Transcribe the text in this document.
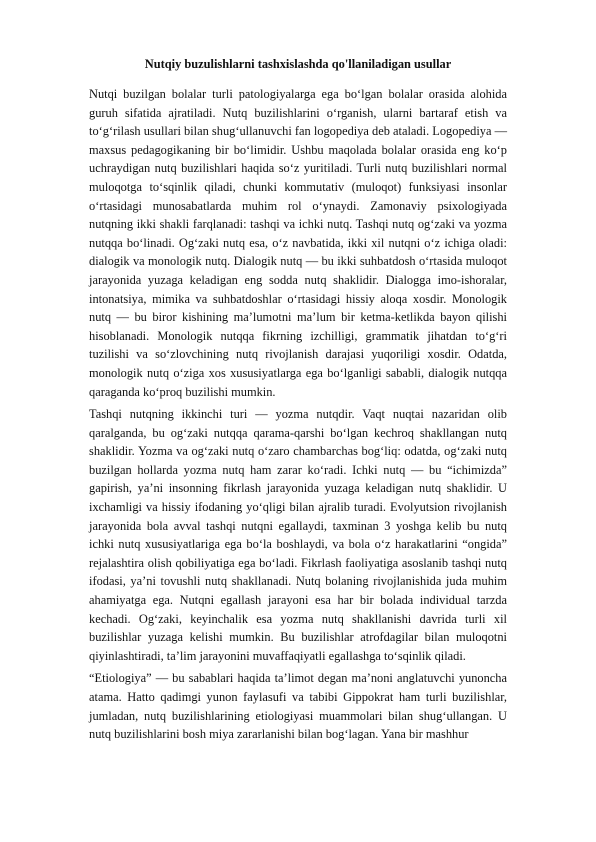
Nutqiy buzulishlarni tashxislashda qo'llaniladigan usullar

Nutqi buzilgan bolalar turli patologiyalarga ega bo‘lgan bolalar orasida alohida guruh sifatida ajratiladi. Nutq buzilishlarini o‘rganish, ularni bartaraf etish va to‘g‘rilash usullari bilan shug‘ullanuvchi fan logopediya deb ataladi. Logopediya — maxsus pedagogikaning bir bo‘limidir. Ushbu maqolada bolalar orasida eng ko‘p uchraydigan nutq buzilishlari haqida so‘z yuritiladi. Turli nutq buzilishlari normal muloqotga to‘sqinlik qiladi, chunki kommutativ (muloqot) funksiyasi insonlar o‘rtasidagi munosabatlarda muhim rol o‘ynaydi. Zamonaviy psixologiyada nutqning ikki shakli farqlanadi: tashqi va ichki nutq. Tashqi nutq og‘zaki va yozma nutqqa bo‘linadi. Og‘zaki nutq esa, o‘z navbatida, ikki xil nutqni o‘z ichiga oladi: dialogik va monologik nutq. Dialogik nutq — bu ikki suhbatdosh o‘rtasida muloqot jarayonida yuzaga keladigan eng sodda nutq shaklidir. Dialogga imo-ishoralar, intonatsiya, mimika va suhbatdoshlar o‘rtasidagi hissiy aloqa xosdir. Monologik nutq — bu biror kishining ma’lumotni ma’lum bir ketma-ketlikda bayon qilishi hisoblanadi. Monologik nutqqa fikrning izchilligi, grammatik jihatdan to‘g‘ri tuzilishi va so‘zlovchining nutq rivojlanish darajasi yuqoriligi xosdir. Odatda, monologik nutq o‘ziga xos xususiyatlarga ega bo‘lganligi sababli, dialogik nutqqa qaraganda ko‘proq buzilishi mumkin.

Tashqi nutqning ikkinchi turi — yozma nutqdir. Vaqt nuqtai nazaridan olib qaralganda, bu og‘zaki nutqqa qarama-qarshi bo‘lgan kechroq shakllangan nutq shaklidir. Yozma va og‘zaki nutq o‘zaro chambarchas bog‘liq: odatda, og‘zaki nutq buzilgan hollarda yozma nutq ham zarar ko‘radi. Ichki nutq — bu “ichimizda” gapirish, ya’ni insonning fikrlash jarayonida yuzaga keladigan nutq shaklidir. U ixchamligi va hissiy ifodaning yo‘qligi bilan ajralib turadi. Evolyutsion rivojlanish jarayonida bola avval tashqi nutqni egallaydi, taxminan 3 yoshga kelib bu nutq ichki nutq xususiyatlariga ega bo‘la boshlaydi, va bola o‘z harakatlarini “ongida” rejalashtira olish qobiliyatiga ega bo‘ladi. Fikrlash faoliyatiga asoslanib tashqi nutq ifodasi, ya’ni tovushli nutq shakllanadi. Nutq bolaning rivojlanishida juda muhim ahamiyatga ega. Nutqni egallash jarayoni esa har bir bolada individual tarzda kechadi. Og‘zaki, keyinchalik esa yozma nutq shakllanishi davrida turli xil buzilishlar yuzaga kelishi mumkin. Bu buzilishlar atrofdagilar bilan muloqotni qiyinlashtiradi, ta’lim jarayonini muvaffaqiyatli egallashga to‘sqinlik qiladi.

“Etiologiya” — bu sabablari haqida ta’limot degan ma’noni anglatuvchi yunoncha atama. Hatto qadimgi yunon faylasufi va tabibi Gippokrat ham turli buzilishlar, jumladan, nutq buzilishlarining etiologiyasi muammolari bilan shug‘ullangan. U nutq buzilishlarini bosh miya zararlanishi bilan bog‘lagan. Yana bir mashhur
